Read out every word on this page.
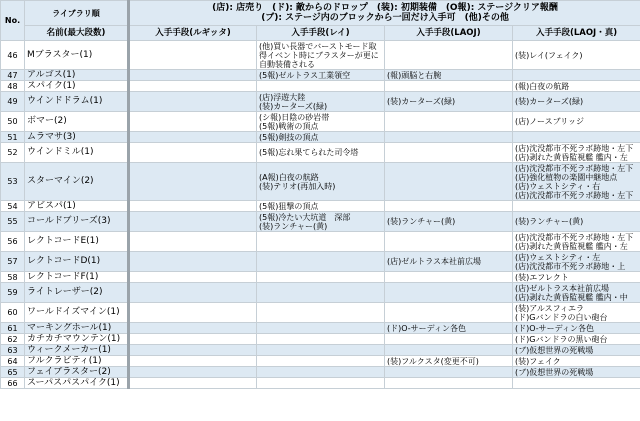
No.	ライブラリ順	(店): 店売り　(ド): 敵からのドロップ　(装): 初期装備　(O報): ステージクリア報酬
(ブ): ステージ内のブロックから一回だけ入手可　(他)その他			

	名前(最大段数)	入手手段(ルギッタ)	入手手段(レイ)	入手手段(LAOJ)	入手手段(LAOJ・真)
46	Mブラスター(1)		(他)買い長器でバーストモード取
得イベント時にブラスターが更に
自動装備される		(装)レイ(フェイク)

47	アルゴス(1)		(5報)ゼルトラス工業領空	(報)頭脳と右腕	

48	スパイク(1)				(報)白夜の航路

49	ウインドドラム(1)		(店)浮遊大陸
(装)カーターズ(緑)	(装)カーターズ(緑)	(装)カーターズ(緑)

50	ボマー(2)		(シ報)日陰の砂岩帯
(5報)戦術の頂点		(店)ノースブリッジ

51	ムラマサ(3)		(5報)剣技の頂点		

52	ウインドミル(1)		(5報)忘れ果てられた司令塔		(店)沈没都市不死ラボ跡地・左下
(店)剥れた黄昏監視艦 艦内・左

53	スターマイン(2)		(A報)白夜の航路
(装)テリオ(再加入時)		(店)沈没都市不死ラボ跡地・左下
(店)強化植物の楽園中継地点
(店)ウェストシティ・右
(店)沈没都市不死ラボ跡地・左下

54	アビスパ(1)		(5報)狙撃の頂点		

55	コールドブリーズ(3)		(5報)冷たい大坑道　深部
(装)ランチャー(黄)	(装)ランチャー(黄)	(装)ランチャー(黄)

56	レクトコードE(1)				(店)沈没都市不死ラボ跡地・左下
(店)剥れた黄昏監視艦 艦内・左

57	レクトコードD(1)			(店)ゼルトラス本社前広場	(店)ウェストシティ・左
(店)沈没都市不死ラボ跡地・上

58	レクトコードF(1)				(装)エフレクト

59	ライトレーザー(2)				(店)ゼルトラス本社前広場
(店)剥れた黄昏監視艦 艦内・中

60	ワールドイズマイン(1)				(装)アルスフィエラ
(ド)Gバンドラの白い砲台

61	マーキングホール(1)			(ド)O-サーディン各色	(ド)O-サーディン各色

62	カチカチマウンテン(1)				(ド)Gバンドラの黒い砲台

63	ウィークメーカー(1)				(ブ)仮想世界の死戦場

64	フルクラビティ(1)			(装)フルクスタ(変更不可)	(装)フェイク

65	フェイブラスター(2)				(ブ)仮想世界の死戦場

66	スーパスパスパイク(1)				
